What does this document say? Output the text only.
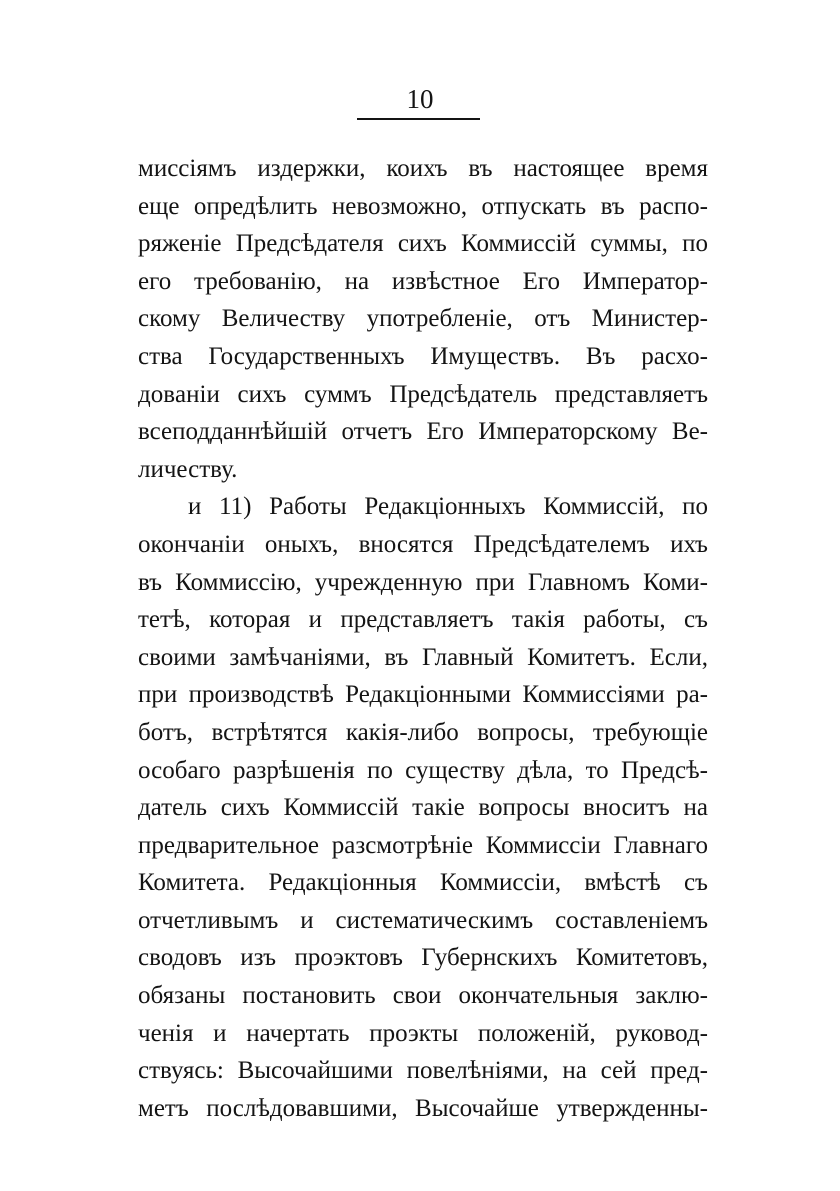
10
миссіямъ издержки, коихъ въ настоящее время
еще опредѣлить невозможно, отпускать въ распо-
ряженіе Предсѣдателя сихъ Коммиссій суммы, по
его требованію, на извѣстное Его Император-
скому Величеству употребленіе, отъ Министер-
ства Государственныхъ Имуществъ. Въ расхо-
довaніи сихъ суммъ Предсѣдатель представляетъ
всеподданнѣйшій отчетъ Его Императорскому Ве-
личеству.
и 11) Работы Редакціонныхъ Коммиссій, по
окончаніи оныхъ, вносятся Предсѣдателемъ ихъ
въ Коммиссію, учрежденную при Главномъ Коми-
тетѣ, которая и представляетъ такія работы, съ
своими замѣчаніями, въ Главный Комитетъ. Если,
при производствѣ Редакціонными Коммиссіями ра-
ботъ, встрѣтятся какія-либо вопросы, требующіе
особаго разрѣшенія по существу дѣла, то Предсѣ-
датель сихъ Коммиссій такіе вопросы вноситъ на
предварительное разсмотрѣніе Коммиссіи Главнаго
Комитета. Редакціонныя Коммиссіи, вмѣстѣ съ
отчетливымъ и систематическимъ составленіемъ
сводовъ изъ проэктовъ Губернскихъ Комитетовъ,
обязаны постановить свои окончательныя заклю-
ченія и начертать проэкты положеній, руковод-
ствуясь: Высочайшими повелѣніями, на сей пред-
метъ послѣдовавшими, Высочайше утвержденны-
